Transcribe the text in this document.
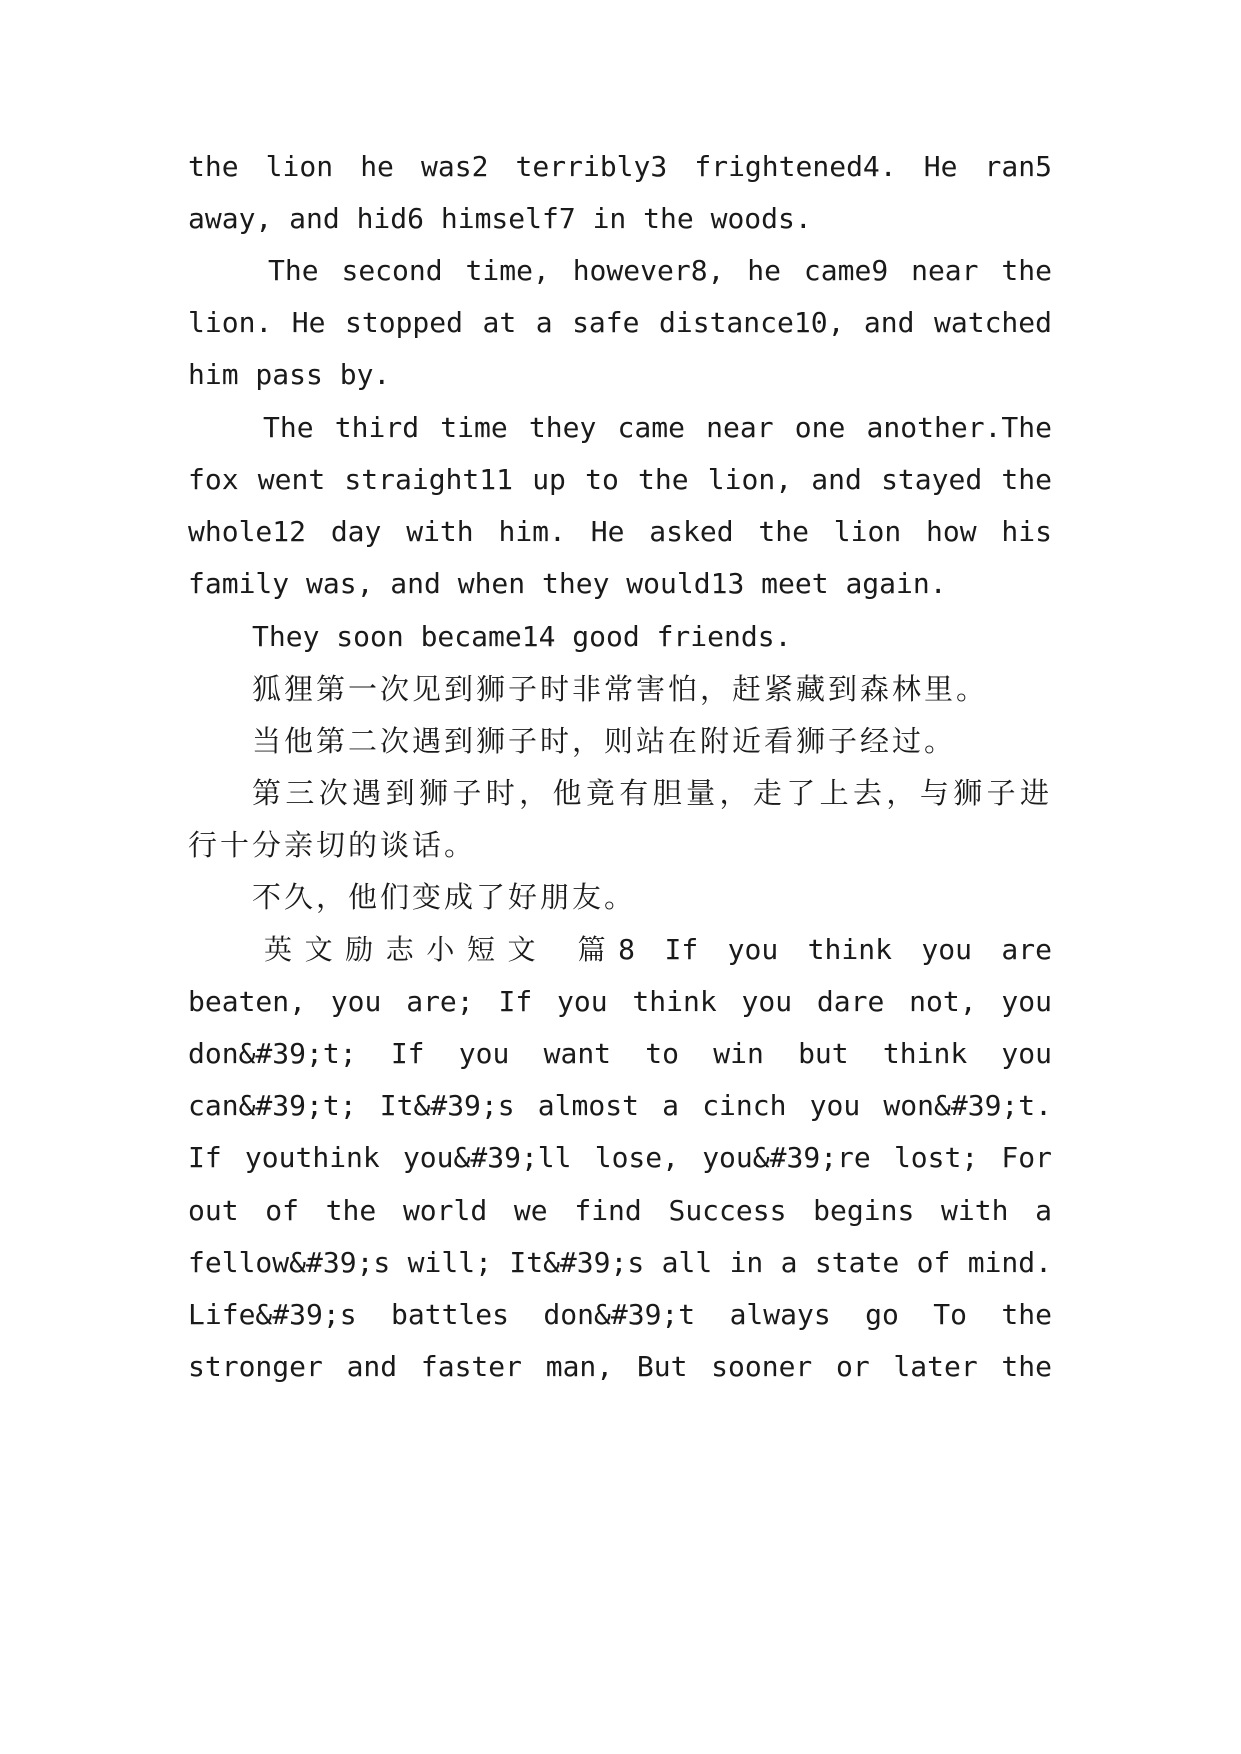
the lion he was2 terribly3 frightened4. He ran5
away, and hid6 himself7 in the woods.
The second time, however8, he came9 near the
lion. He stopped at a safe distance10, and watched
him pass by.
The third time they came near one another.The
fox went straight11 up to the lion, and stayed the
whole12 day with him. He asked the lion how his
family was, and when they would13 meet again.
They soon became14 good friends.
狐狸第一次见到狮子时非常害怕，赶紧藏到森林里。
当他第二次遇到狮子时，则站在附近看狮子经过。
第三次遇到狮子时，他竟有胆量，走了上去，与狮子进
行十分亲切的谈话。
不久，他们变成了好朋友。
英文励志小短文 篇8 If you think you are
beaten, you are; If you think you dare not, you
don&#39;t; If you want to win but think you
can&#39;t; It&#39;s almost a cinch you won&#39;t.
If youthink you&#39;ll lose, you&#39;re lost; For
out of the world we find Success begins with a
fellow&#39;s will; It&#39;s all in a state of mind.
Life&#39;s battles don&#39;t always go To the
stronger and faster man, But sooner or later the
